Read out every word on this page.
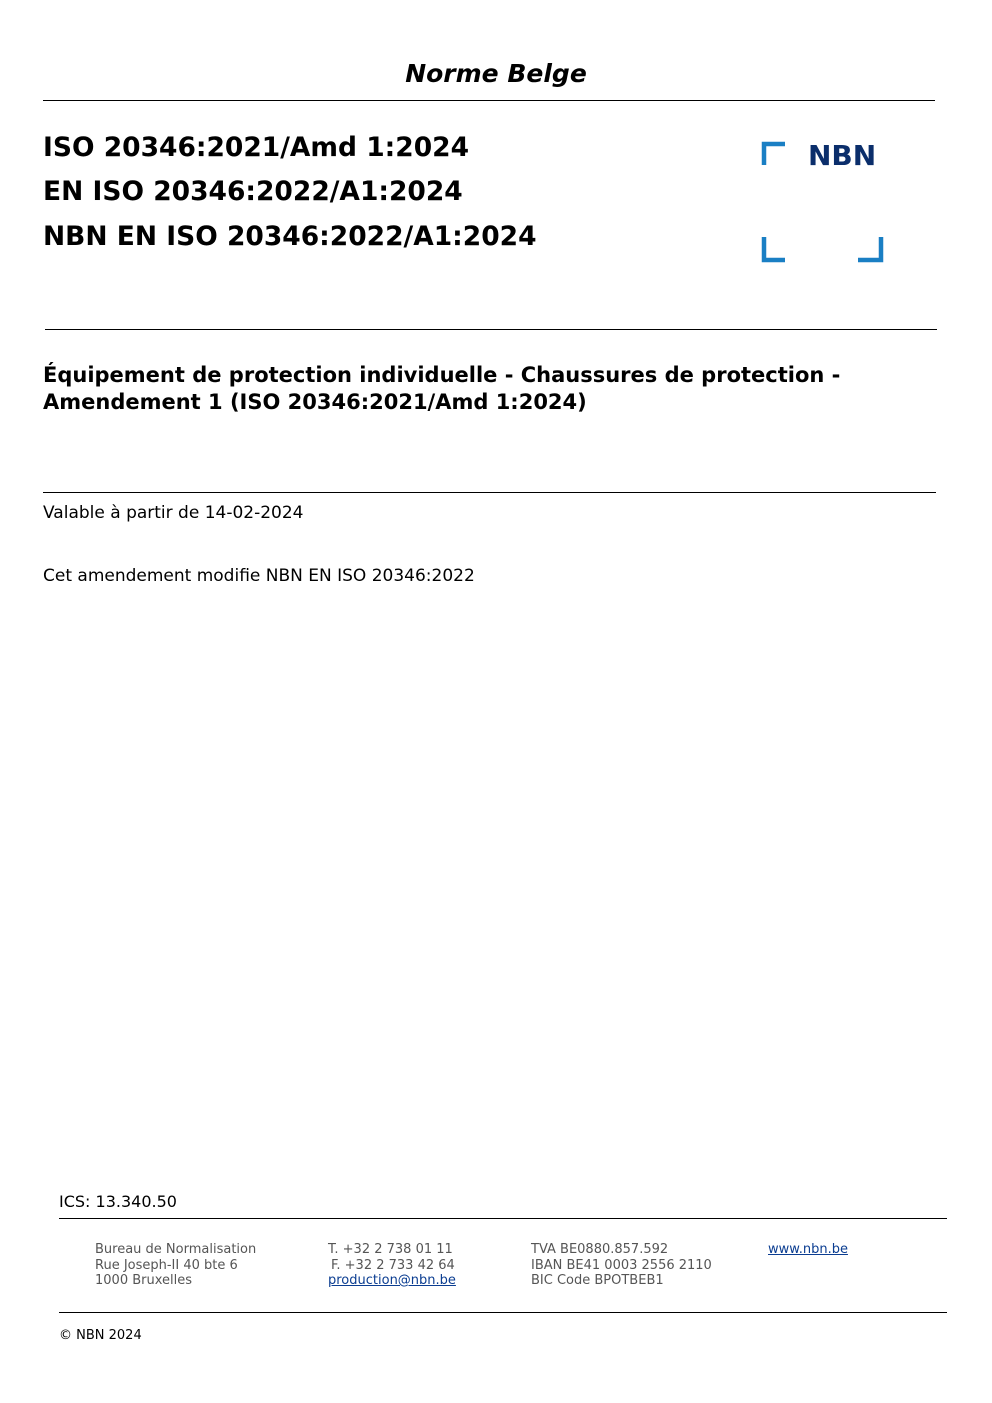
Norme Belge
ISO 20346:2021/Amd 1:2024
EN ISO 20346:2022/A1:2024
NBN EN ISO 20346:2022/A1:2024
NBN
Équipement de protection individuelle - Chaussures de protection - Amendement 1 (ISO 20346:2021/Amd 1:2024)
Valable à partir de 14-02-2024
Cet amendement modifie NBN EN ISO 20346:2022
ICS: 13.340.50
Bureau de Normalisation
Rue Joseph-II 40 bte 6
1000 Bruxelles
T. +32 2 738 01 11
F. +32 2 733 42 64
production@nbn.be
TVA BE0880.857.592
IBAN BE41 0003 2556 2110
BIC Code BPOTBEB1
www.nbn.be
© NBN 2024
